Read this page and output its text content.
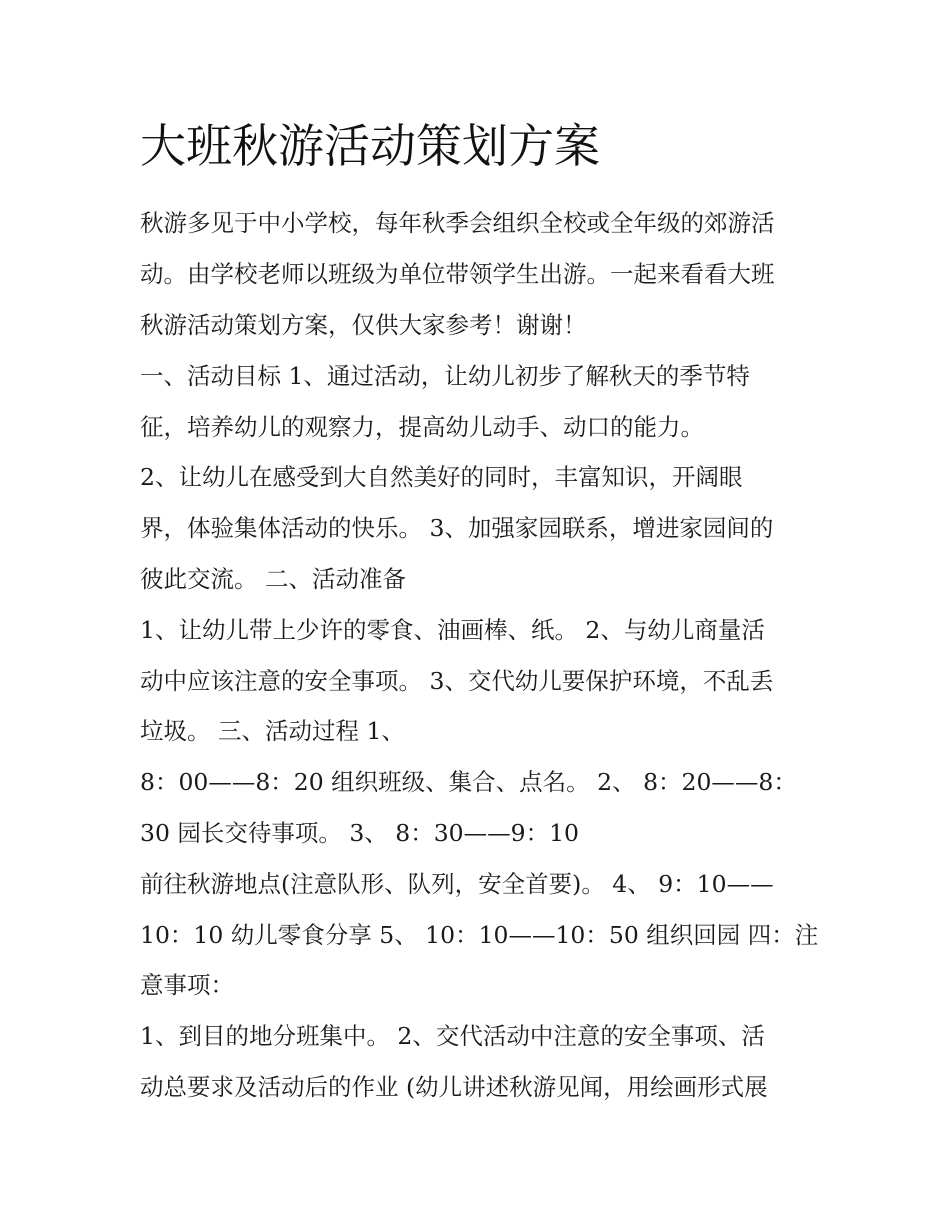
大班秋游活动策划方案

秋游多见于中小学校，每年秋季会组织全校或全年级的郊游活

动。由学校老师以班级为单位带领学生出游。一起来看看大班

秋游活动策划方案，仅供大家参考！谢谢！

一、活动目标 1、通过活动，让幼儿初步了解秋天的季节特

征，培养幼儿的观察力，提高幼儿动手、动口的能力。

2、让幼儿在感受到大自然美好的同时，丰富知识，开阔眼

界，体验集体活动的快乐。 3、加强家园联系，增进家园间的

彼此交流。 二、活动准备

1、让幼儿带上少许的零食、油画棒、纸。 2、与幼儿商量活

动中应该注意的安全事项。 3、交代幼儿要保护环境，不乱丢

垃圾。 三、活动过程 1、

8：00——8：20 组织班级、集合、点名。 2、 8：20——8：

30 园长交待事项。 3、 8：30——9：10

前往秋游地点(注意队形、队列，安全首要)。 4、 9：10——

10：10 幼儿零食分享 5、 10：10——10：50 组织回园 四：注

意事项：

1、到目的地分班集中。 2、交代活动中注意的安全事项、活

动总要求及活动后的作业 (幼儿讲述秋游见闻，用绘画形式展
